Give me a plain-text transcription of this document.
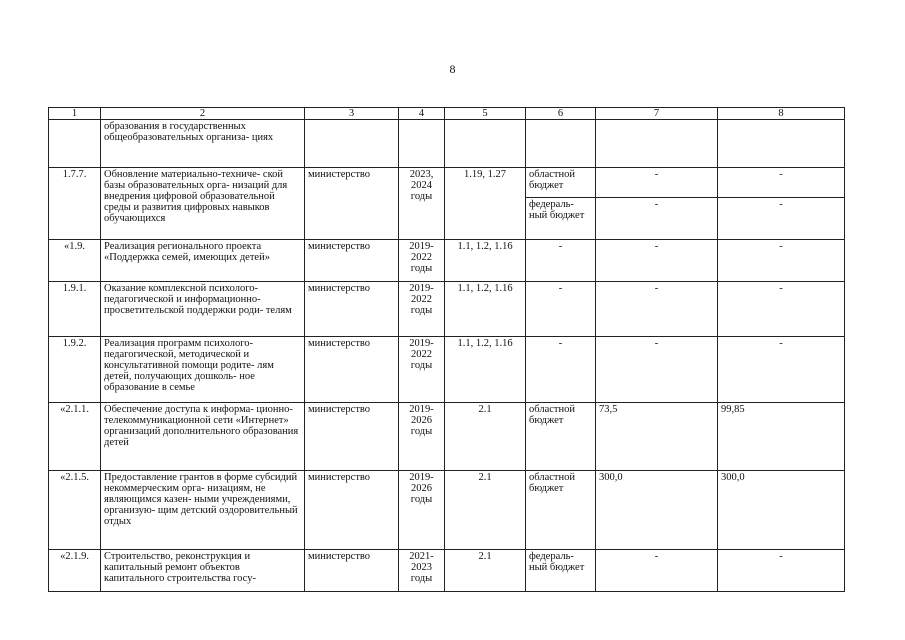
8
1	2	3	4	5	6	7	8
	образования в государственных общеобразовательных организа- циях						
1.7.7.	Обновление материально-техниче- ской базы образовательных орга- низаций для внедрения цифровой образовательной среды и развития цифровых навыков обучающихся	министерство	2023, 2024 годы	1.19, 1.27	областной бюджет	-	-
					федераль- ный бюджет	-	-
«1.9.	Реализация регионального проекта «Поддержка семей, имеющих детей»	министерство	2019- 2022 годы	1.1, 1.2, 1.16	-	-	-
1.9.1.	Оказание комплексной психолого- педагогической и информационно- просветительской поддержки роди- телям	министерство	2019- 2022 годы	1.1, 1.2, 1.16	-	-	-
1.9.2.	Реализация программ психолого- педагогической, методической и консультативной помощи родите- лям детей, получающих дошколь- ное образование в семье	министерство	2019- 2022 годы	1.1, 1.2, 1.16	-	-	-
«2.1.1.	Обеспечение доступа к информа- ционно-телекоммуникационной сети «Интернет» организаций дополнительного образования детей	министерство	2019- 2026 годы	2.1	областной бюджет	73,5	99,85
«2.1.5.	Предоставление грантов в форме субсидий некоммерческим орга- низациям, не являющимся казен- ными учреждениями, организую- щим детский оздоровительный отдых	министерство	2019- 2026 годы	2.1	областной бюджет	300,0	300,0
«2.1.9.	Строительство, реконструкция и капитальный ремонт объектов капитального строительства госу-	министерство	2021- 2023 годы	2.1	федераль- ный бюджет	-	-
